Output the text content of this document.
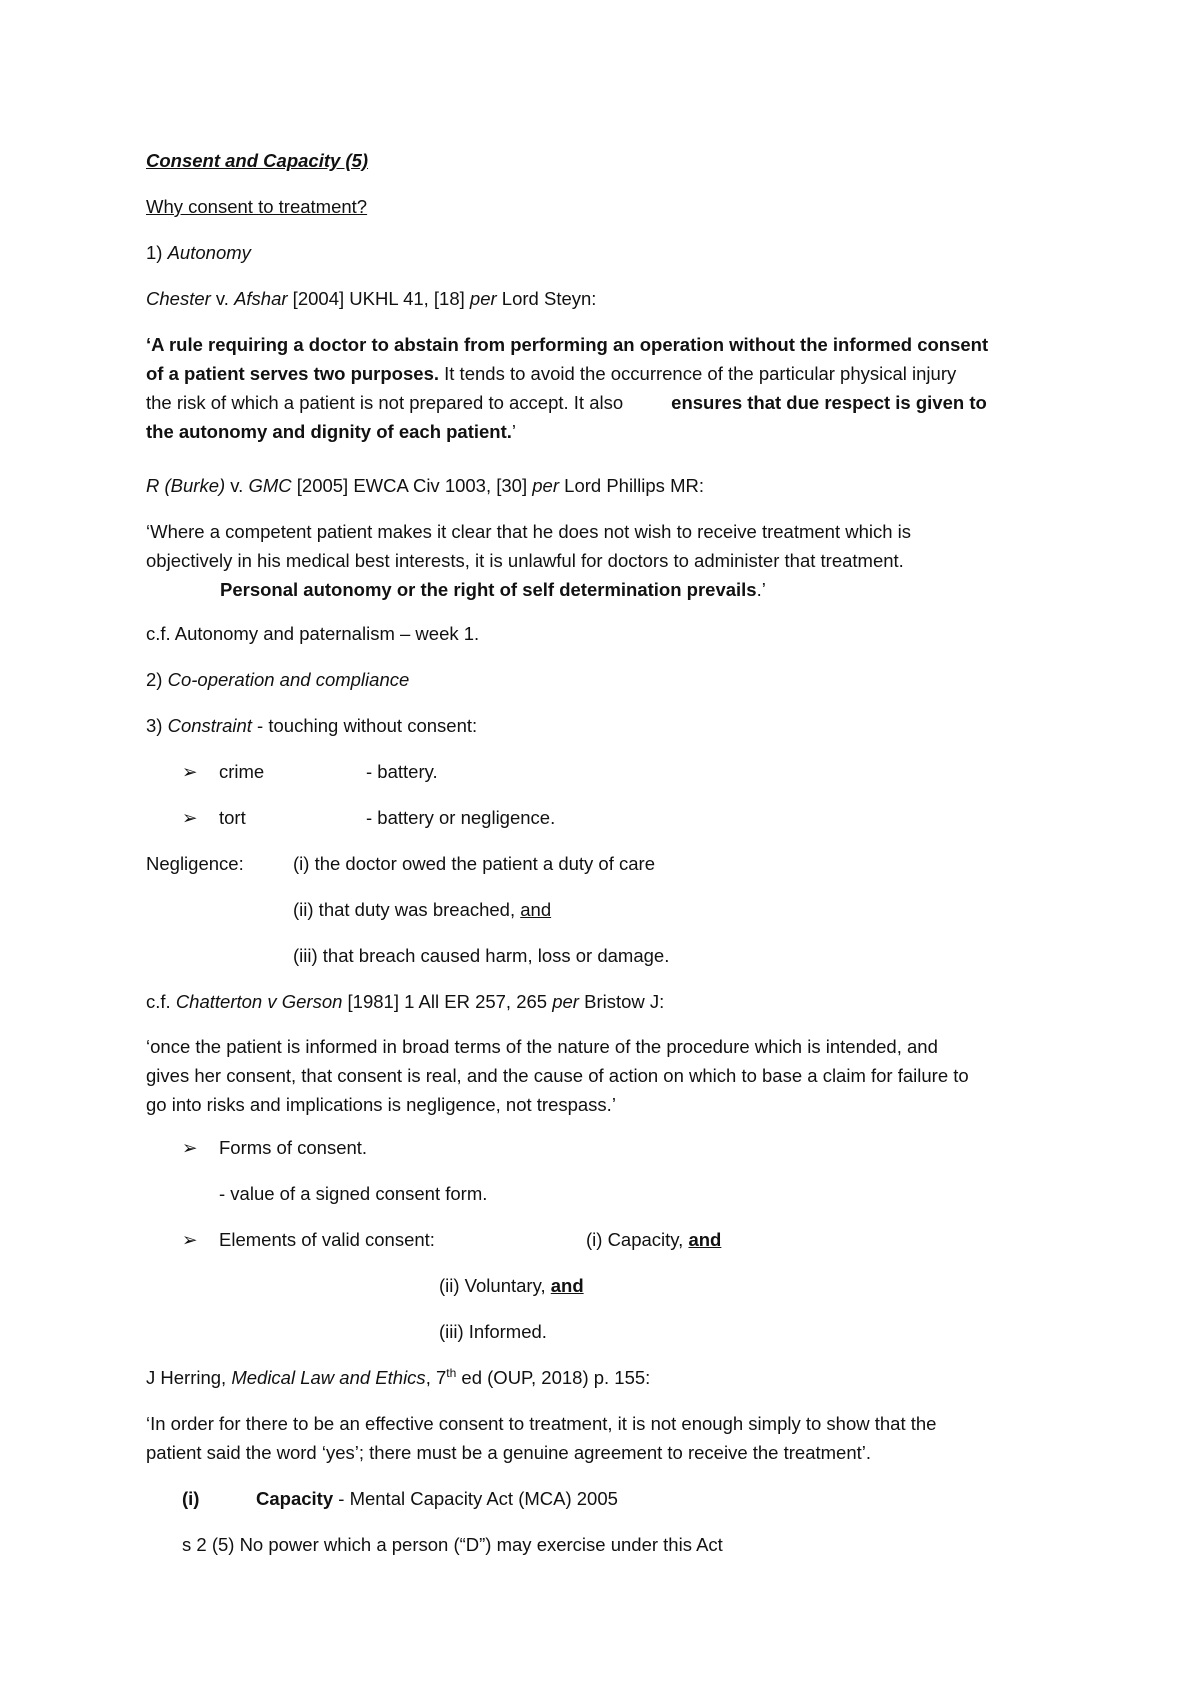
Consent and Capacity (5)

Why consent to treatment?

1) Autonomy

Chester v. Afshar [2004] UKHL 41, [18] per Lord Steyn:

‘A rule requiring a doctor to abstain from performing an operation without the informed consent
of a patient serves two purposes. It tends to avoid the occurrence of the particular physical injury
the risk of which a patient is not prepared to accept. It also	ensures that due respect is given to
the autonomy and dignity of each patient.’

R (Burke) v. GMC [2005] EWCA Civ 1003, [30] per Lord Phillips MR:

‘Where a competent patient makes it clear that he does not wish to receive treatment which is
objectively in his medical best interests, it is unlawful for doctors to administer that treatment.
Personal autonomy or the right of self determination prevails.’

c.f. Autonomy and paternalism – week 1.

2) Co-operation and compliance

3) Constraint - touching without consent:

➢ crime	- battery.

➢ tort	- battery or negligence.

Negligence:	(i) the doctor owed the patient a duty of care

(ii) that duty was breached, and

(iii) that breach caused harm, loss or damage.

c.f. Chatterton v Gerson [1981] 1 All ER 257, 265 per Bristow J:

‘once the patient is informed in broad terms of the nature of the procedure which is intended, and
gives her consent, that consent is real, and the cause of action on which to base a claim for failure to
go into risks and implications is negligence, not trespass.’

➢ Forms of consent.

- value of a signed consent form.

➢ Elements of valid consent:	(i) Capacity, and

(ii) Voluntary, and

(iii) Informed.

J Herring, Medical Law and Ethics, 7th ed (OUP, 2018) p. 155:

‘In order for there to be an effective consent to treatment, it is not enough simply to show that the
patient said the word ‘yes’; there must be a genuine agreement to receive the treatment’.

(i)	Capacity - Mental Capacity Act (MCA) 2005

s 2 (5) No power which a person (“D”) may exercise under this Act
